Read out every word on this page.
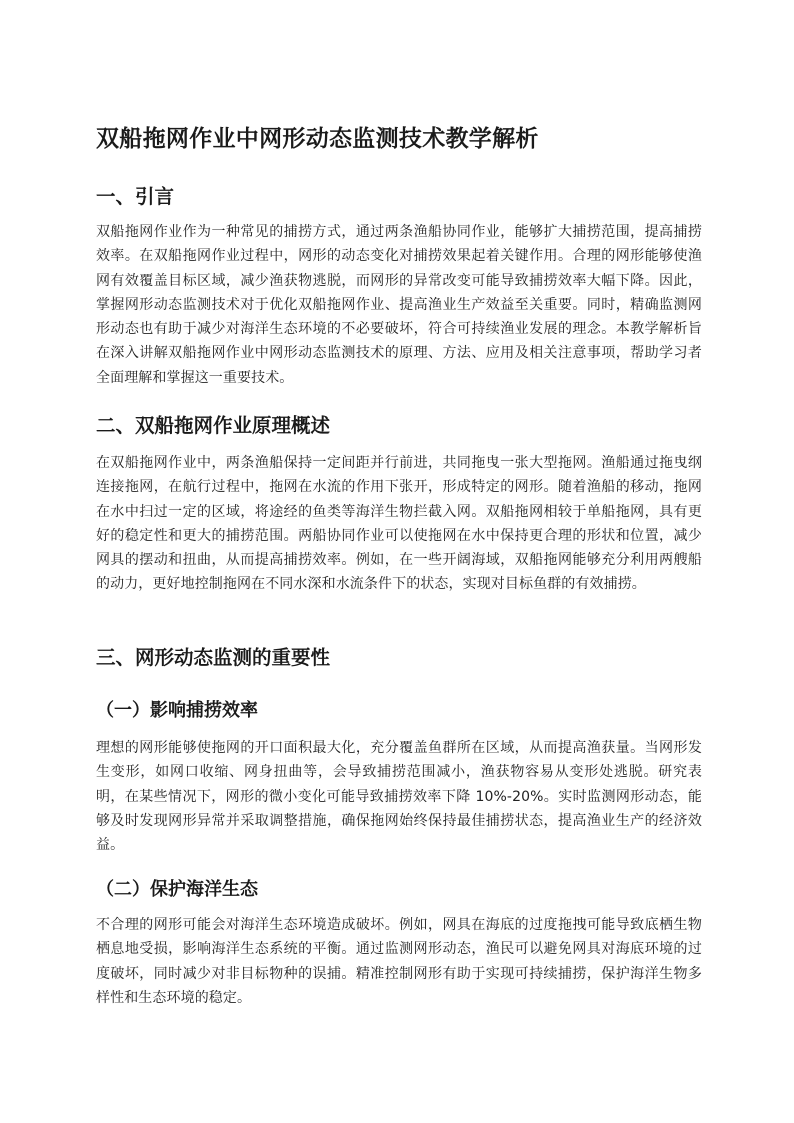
双船拖网作业中网形动态监测技术教学解析
一、引言

双船拖网作业作为一种常见的捕捞方式，通过两条渔船协同作业，能够扩大捕捞范围，提高捕捞效率。在双船拖网作业过程中，网形的动态变化对捕捞效果起着关键作用。合理的网形能够使渔网有效覆盖目标区域，减少渔获物逃脱，而网形的异常改变可能导致捕捞效率大幅下降。因此，掌握网形动态监测技术对于优化双船拖网作业、提高渔业生产效益至关重要。同时，精确监测网形动态也有助于减少对海洋生态环境的不必要破坏，符合可持续渔业发展的理念。本教学解析旨在深入讲解双船拖网作业中网形动态监测技术的原理、方法、应用及相关注意事项，帮助学习者全面理解和掌握这一重要技术。

二、双船拖网作业原理概述

在双船拖网作业中，两条渔船保持一定间距并行前进，共同拖曳一张大型拖网。渔船通过拖曳纲连接拖网，在航行过程中，拖网在水流的作用下张开，形成特定的网形。随着渔船的移动，拖网在水中扫过一定的区域，将途经的鱼类等海洋生物拦截入网。双船拖网相较于单船拖网，具有更好的稳定性和更大的捕捞范围。两船协同作业可以使拖网在水中保持更合理的形状和位置，减少网具的摆动和扭曲，从而提高捕捞效率。例如，在一些开阔海域，双船拖网能够充分利用两艘船的动力，更好地控制拖网在不同水深和水流条件下的状态，实现对目标鱼群的有效捕捞。

三、网形动态监测的重要性
（一）影响捕捞效率

理想的网形能够使拖网的开口面积最大化，充分覆盖鱼群所在区域，从而提高渔获量。当网形发生变形，如网口收缩、网身扭曲等，会导致捕捞范围减小，渔获物容易从变形处逃脱。研究表明，在某些情况下，网形的微小变化可能导致捕捞效率下降 10%-20%。实时监测网形动态，能够及时发现网形异常并采取调整措施，确保拖网始终保持最佳捕捞状态，提高渔业生产的经济效益。

（二）保护海洋生态

不合理的网形可能会对海洋生态环境造成破坏。例如，网具在海底的过度拖拽可能导致底栖生物栖息地受损，影响海洋生态系统的平衡。通过监测网形动态，渔民可以避免网具对海底环境的过度破坏，同时减少对非目标物种的误捕。精准控制网形有助于实现可持续捕捞，保护海洋生物多样性和生态环境的稳定。
